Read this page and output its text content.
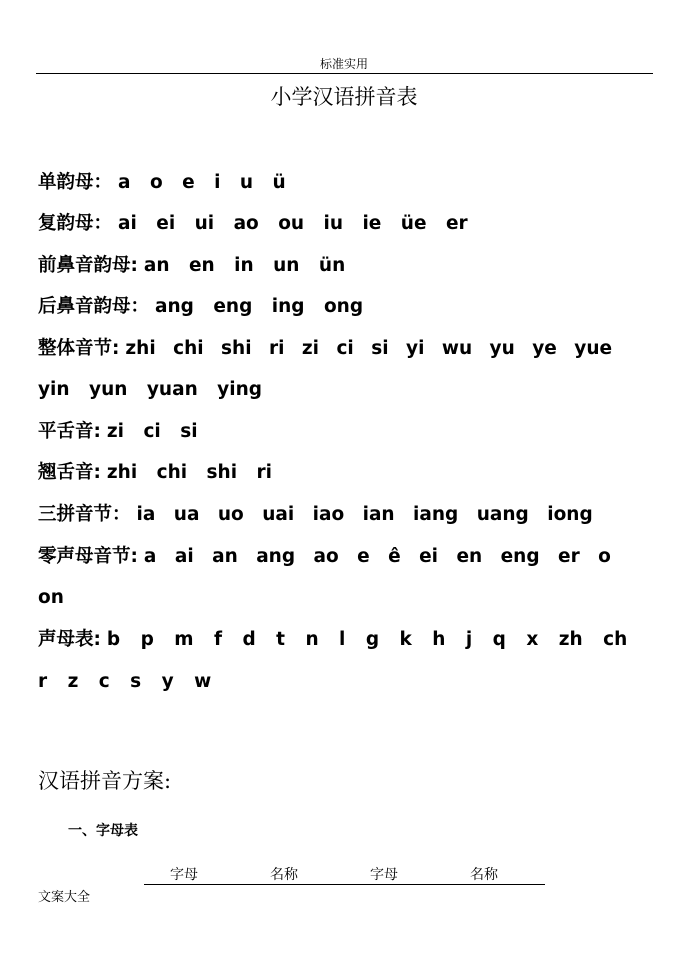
标准实用
小学汉语拼音表
单韵母： a o e i u ü
复韵母： ai ei ui ao ou iu ie üe er
前鼻音韵母: an en in un ün
后鼻音韵母： ang eng ing ong
整体音节: zhi chi shi ri zi ci si yi wu yu ye yue
yin yun yuan ying
平舌音: zi ci si
翘舌音: zhi chi shi ri
三拼音节： ia ua uo uai iao ian iang uang iong
零声母音节: a ai an ang ao e ê ei en eng er o
on
声母表: b p m f d t n l g k h j q x zh ch
r z c s y w
汉语拼音方案:
一、字母表
字母	名称	字母	名称
文案大全
